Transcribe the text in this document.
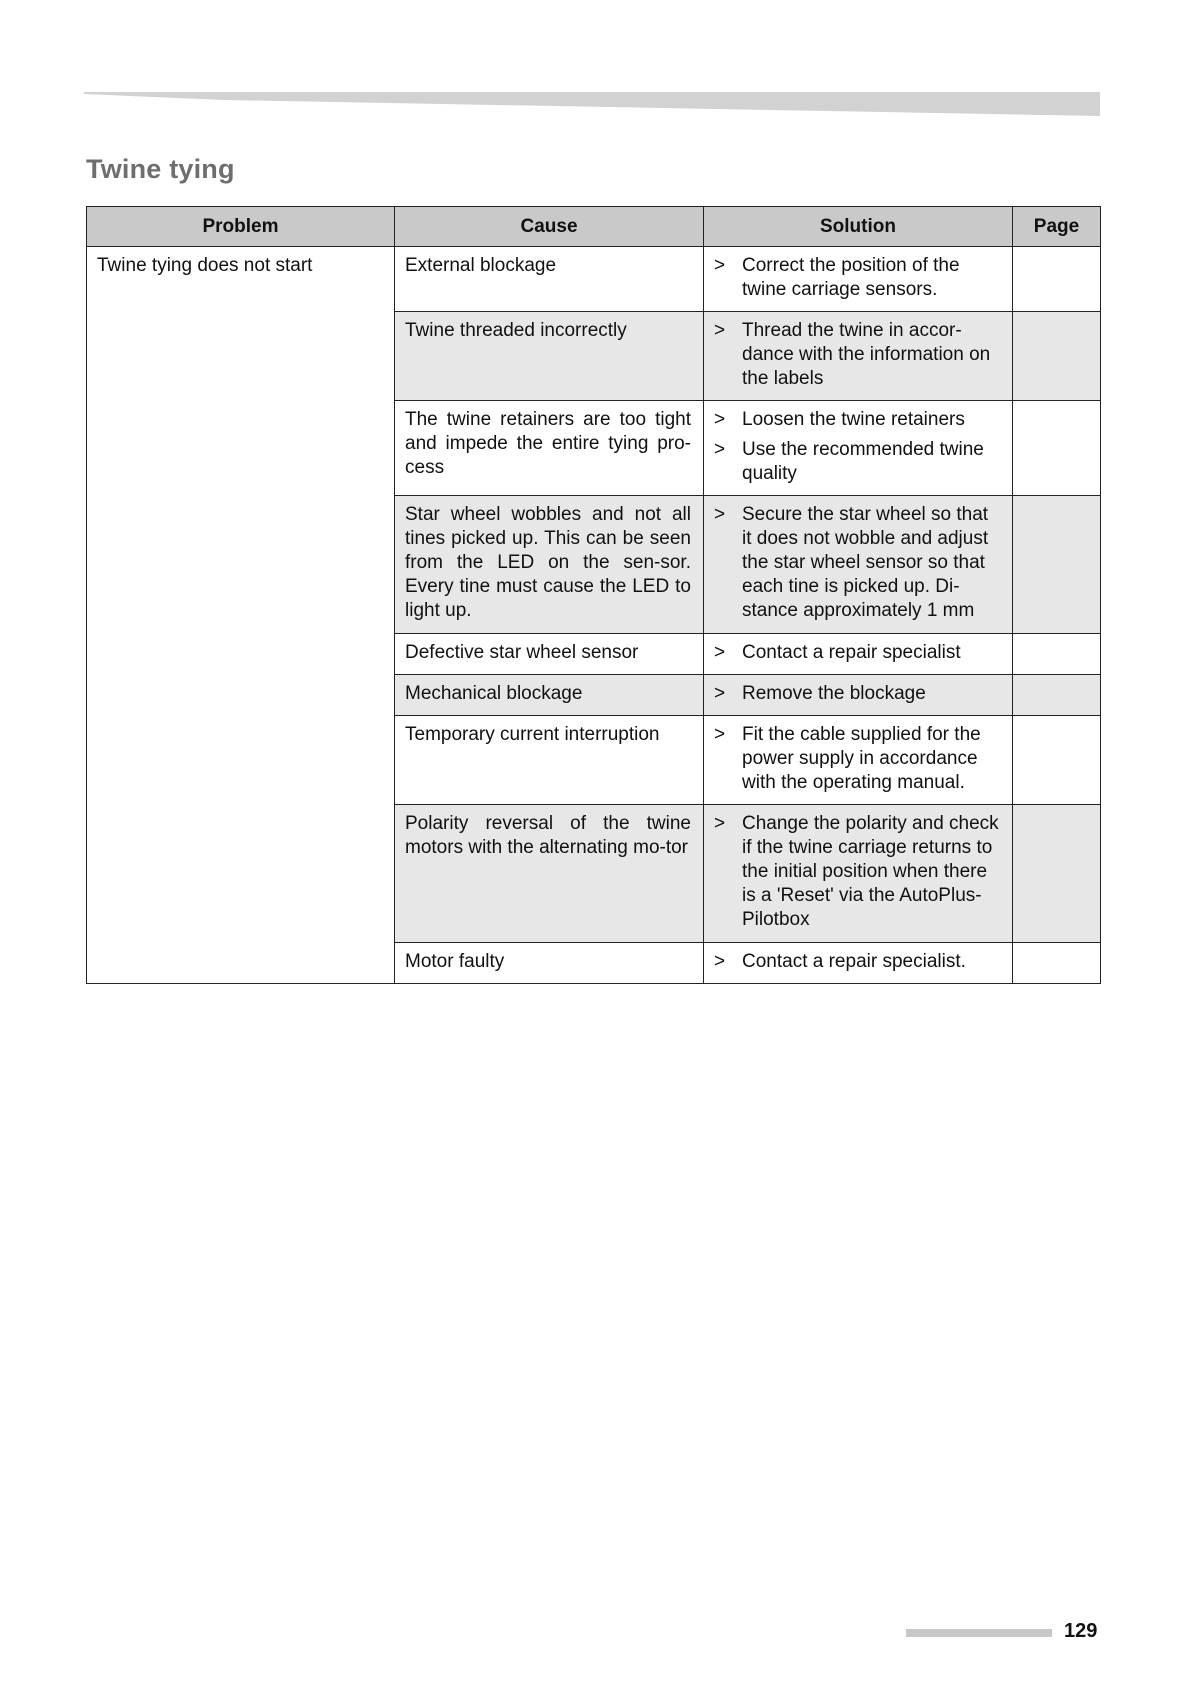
Twine tying
Problem	Cause	Solution	Page
Twine tying does not start	External blockage	> Correct the position of the twine carriage sensors.	

	Twine threaded incorrectly	> Thread the twine in accor-dance with the information on the labels	

	The twine retainers are too tight and impede the entire tying pro-cess	> Loosen the twine retainers
> Use the recommended twine quality	

	Star wheel wobbles and not all tines picked up. This can be seen from the LED on the sen-sor. Every tine must cause the LED to light up.	> Secure the star wheel so that it does not wobble and adjust the star wheel sensor so that each tine is picked up. Di-stance approximately 1 mm	

	Defective star wheel sensor	> Contact a repair specialist	

	Mechanical blockage	> Remove the blockage	

	Temporary current interruption	> Fit the cable supplied for the power supply in accordance with the operating manual.	

	Polarity reversal of the twine motors with the alternating mo-tor	> Change the polarity and check if the twine carriage returns to the initial position when there is a 'Reset' via the AutoPlus-Pilotbox	

	Motor faulty	> Contact a repair specialist.	

129
